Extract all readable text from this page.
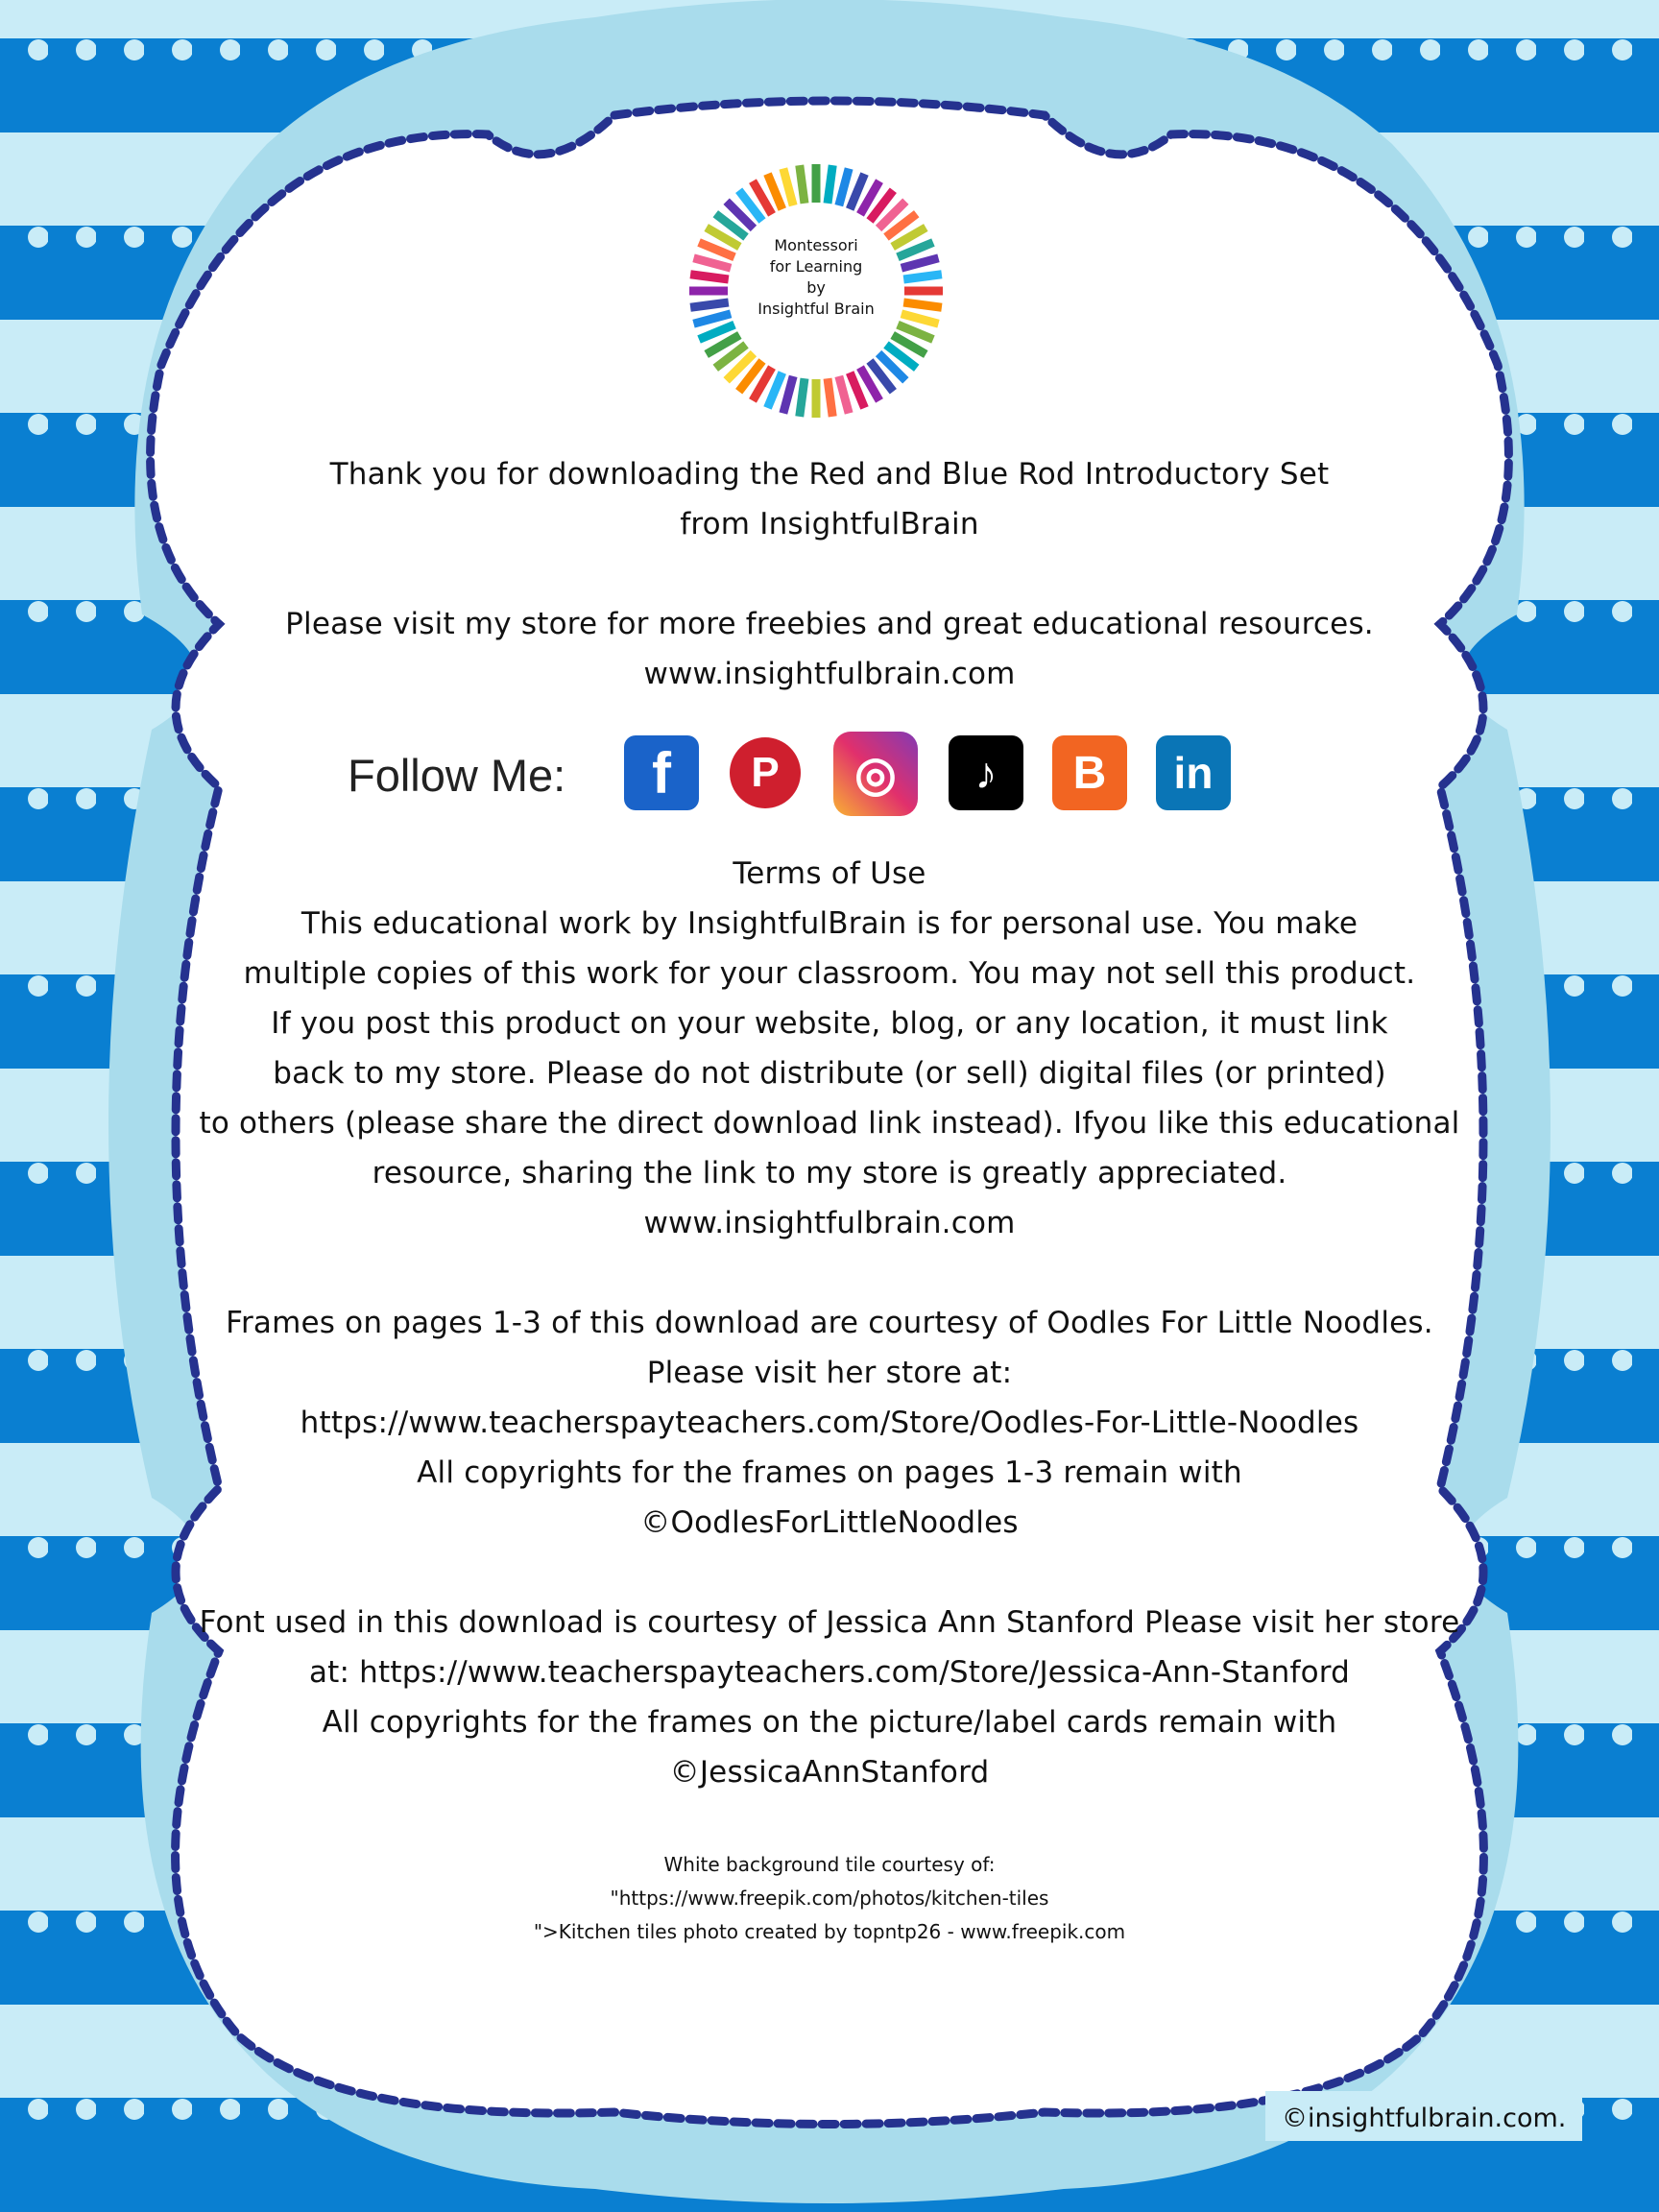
Montessori
for Learning
by
Insightful Brain
Thank you for downloading the Red and Blue Rod Introductory Set
from InsightfulBrain
Please visit my store for more freebies and great educational resources.
www.insightfulbrain.com
Follow Me: f P ◎ ♪ B in
Terms of Use
This educational work by InsightfulBrain is for personal use. You make
multiple copies of this work for your classroom. You may not sell this product.
If you post this product on your website, blog, or any location, it must link
back to my store. Please do not distribute (or sell) digital files (or printed)
to others (please share the direct download link instead). Ifyou like this educational
resource, sharing the link to my store is greatly appreciated.
www.insightfulbrain.com
Frames on pages 1-3 of this download are courtesy of Oodles For Little Noodles.
Please visit her store at:
https://www.teacherspayteachers.com/Store/Oodles-For-Little-Noodles
All copyrights for the frames on pages 1-3 remain with
©OodlesForLittleNoodles
Font used in this download is courtesy of Jessica Ann Stanford Please visit her store
at: https://www.teacherspayteachers.com/Store/Jessica-Ann-Stanford
All copyrights for the frames on the picture/label cards remain with
©JessicaAnnStanford
White background tile courtesy of:
"https://www.freepik.com/photos/kitchen-tiles
">Kitchen tiles photo created by topntp26 - www.freepik.com
©insightfulbrain.com.
